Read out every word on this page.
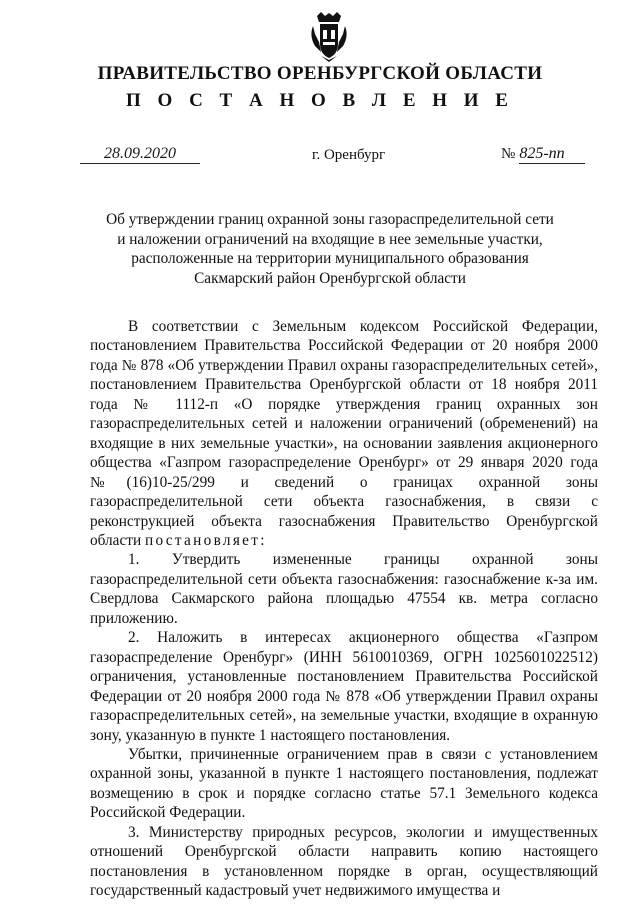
ПРАВИТЕЛЬСТВО ОРЕНБУРГСКОЙ ОБЛАСТИ
П О С Т А Н О В Л Е Н И Е
28.09.2020	г. Оренбург	№ 825-пп
Об утверждении границ охранной зоны газораспределительной сети
и наложении ограничений на входящие в нее земельные участки,
расположенные на территории муниципального образования
Сакмарский район Оренбургской области

В соответствии с Земельным кодексом Российской Федерации, постановлением Правительства Российской Федерации от 20 ноября 2000 года № 878 «Об утверждении Правил охраны газораспределительных сетей», постановлением Правительства Оренбургской области от 18 ноября 2011 года № 1112-п «О порядке утверждения границ охранных зон газораспределительных сетей и наложении ограничений (обременений) на входящие в них земельные участки», на основании заявления акционерного общества «Газпром газораспределение Оренбург» от 29 января 2020 года №(16)10-25/299 и сведений о границах охранной зоны газораспределительной сети объекта газоснабжения, в связи с реконструкцией объекта газоснабжения Правительство Оренбургской области постановляет:

1. Утвердить измененные границы охранной зоны газораспределительной сети объекта газоснабжения: газоснабжение к-за им. Свердлова Сакмарского района площадью 47554 кв. метра согласно приложению.

2. Наложить в интересах акционерного общества «Газпром газораспределение Оренбург» (ИНН 5610010369, ОГРН 1025601022512) ограничения, установленные постановлением Правительства Российской Федерации от 20 ноября 2000 года № 878 «Об утверждении Правил охраны газораспределительных сетей», на земельные участки, входящие в охранную зону, указанную в пункте 1 настоящего постановления.

Убытки, причиненные ограничением прав в связи с установлением охранной зоны, указанной в пункте 1 настоящего постановления, подлежат возмещению в срок и порядке согласно статье 57.1 Земельного кодекса Российской Федерации.

3. Министерству природных ресурсов, экологии и имущественных отношений Оренбургской области направить копию настоящего постановления в установленном порядке в орган, осуществляющий государственный кадастровый учет недвижимого имущества и
